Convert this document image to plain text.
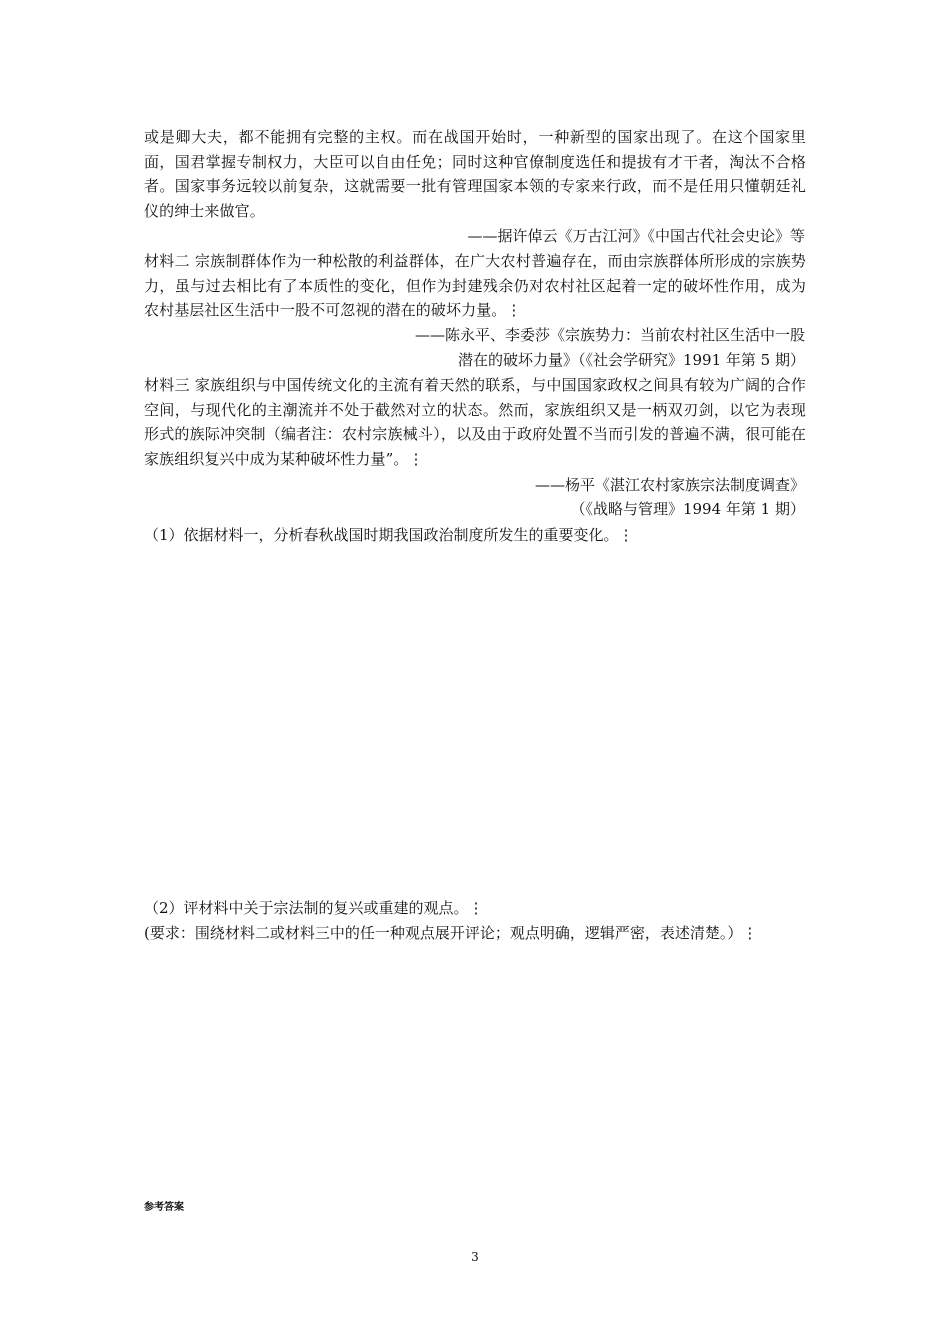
或是卿大夫，都不能拥有完整的主权。而在战国开始时，一种新型的国家出现了。在这个国家里面，国君掌握专制权力，大臣可以自由任免；同时这种官僚制度选任和提拔有才干者，淘汰不合格者。国家事务远较以前复杂，这就需要一批有管理国家本领的专家来行政，而不是任用只懂朝廷礼仪的绅士来做官。
——据许倬云《万古江河》《中国古代社会史论》等
材料二 宗族制群体作为一种松散的利益群体，在广大农村普遍存在，而由宗族群体所形成的宗族势力，虽与过去相比有了本质性的变化，但作为封建残余仍对农村社区起着一定的破坏性作用，成为农村基层社区生活中一股不可忽视的潜在的破坏力量。⋮
——陈永平、李委莎《宗族势力：当前农村社区生活中一股
潜在的破坏力量》（《社会学研究》1991 年第 5 期）
材料三 家族组织与中国传统文化的主流有着天然的联系，与中国国家政权之间具有较为广阔的合作空间，与现代化的主潮流并不处于截然对立的状态。然而，家族组织又是一柄双刃剑，以它为表现形式的族际冲突制（编者注：农村宗族械斗），以及由于政府处置不当而引发的普遍不满，很可能在家族组织复兴中成为某种破坏性力量”。⋮
——杨平《湛江农村家族宗法制度调查》
（《战略与管理》1994 年第 1 期）
（1）依据材料一，分析春秋战国时期我国政治制度所发生的重要变化。⋮
（2）评材料中关于宗法制的复兴或重建的观点。⋮
(要求：围绕材料二或材料三中的任一种观点展开评论；观点明确，逻辑严密，表述清楚。）⋮
参考答案
3
